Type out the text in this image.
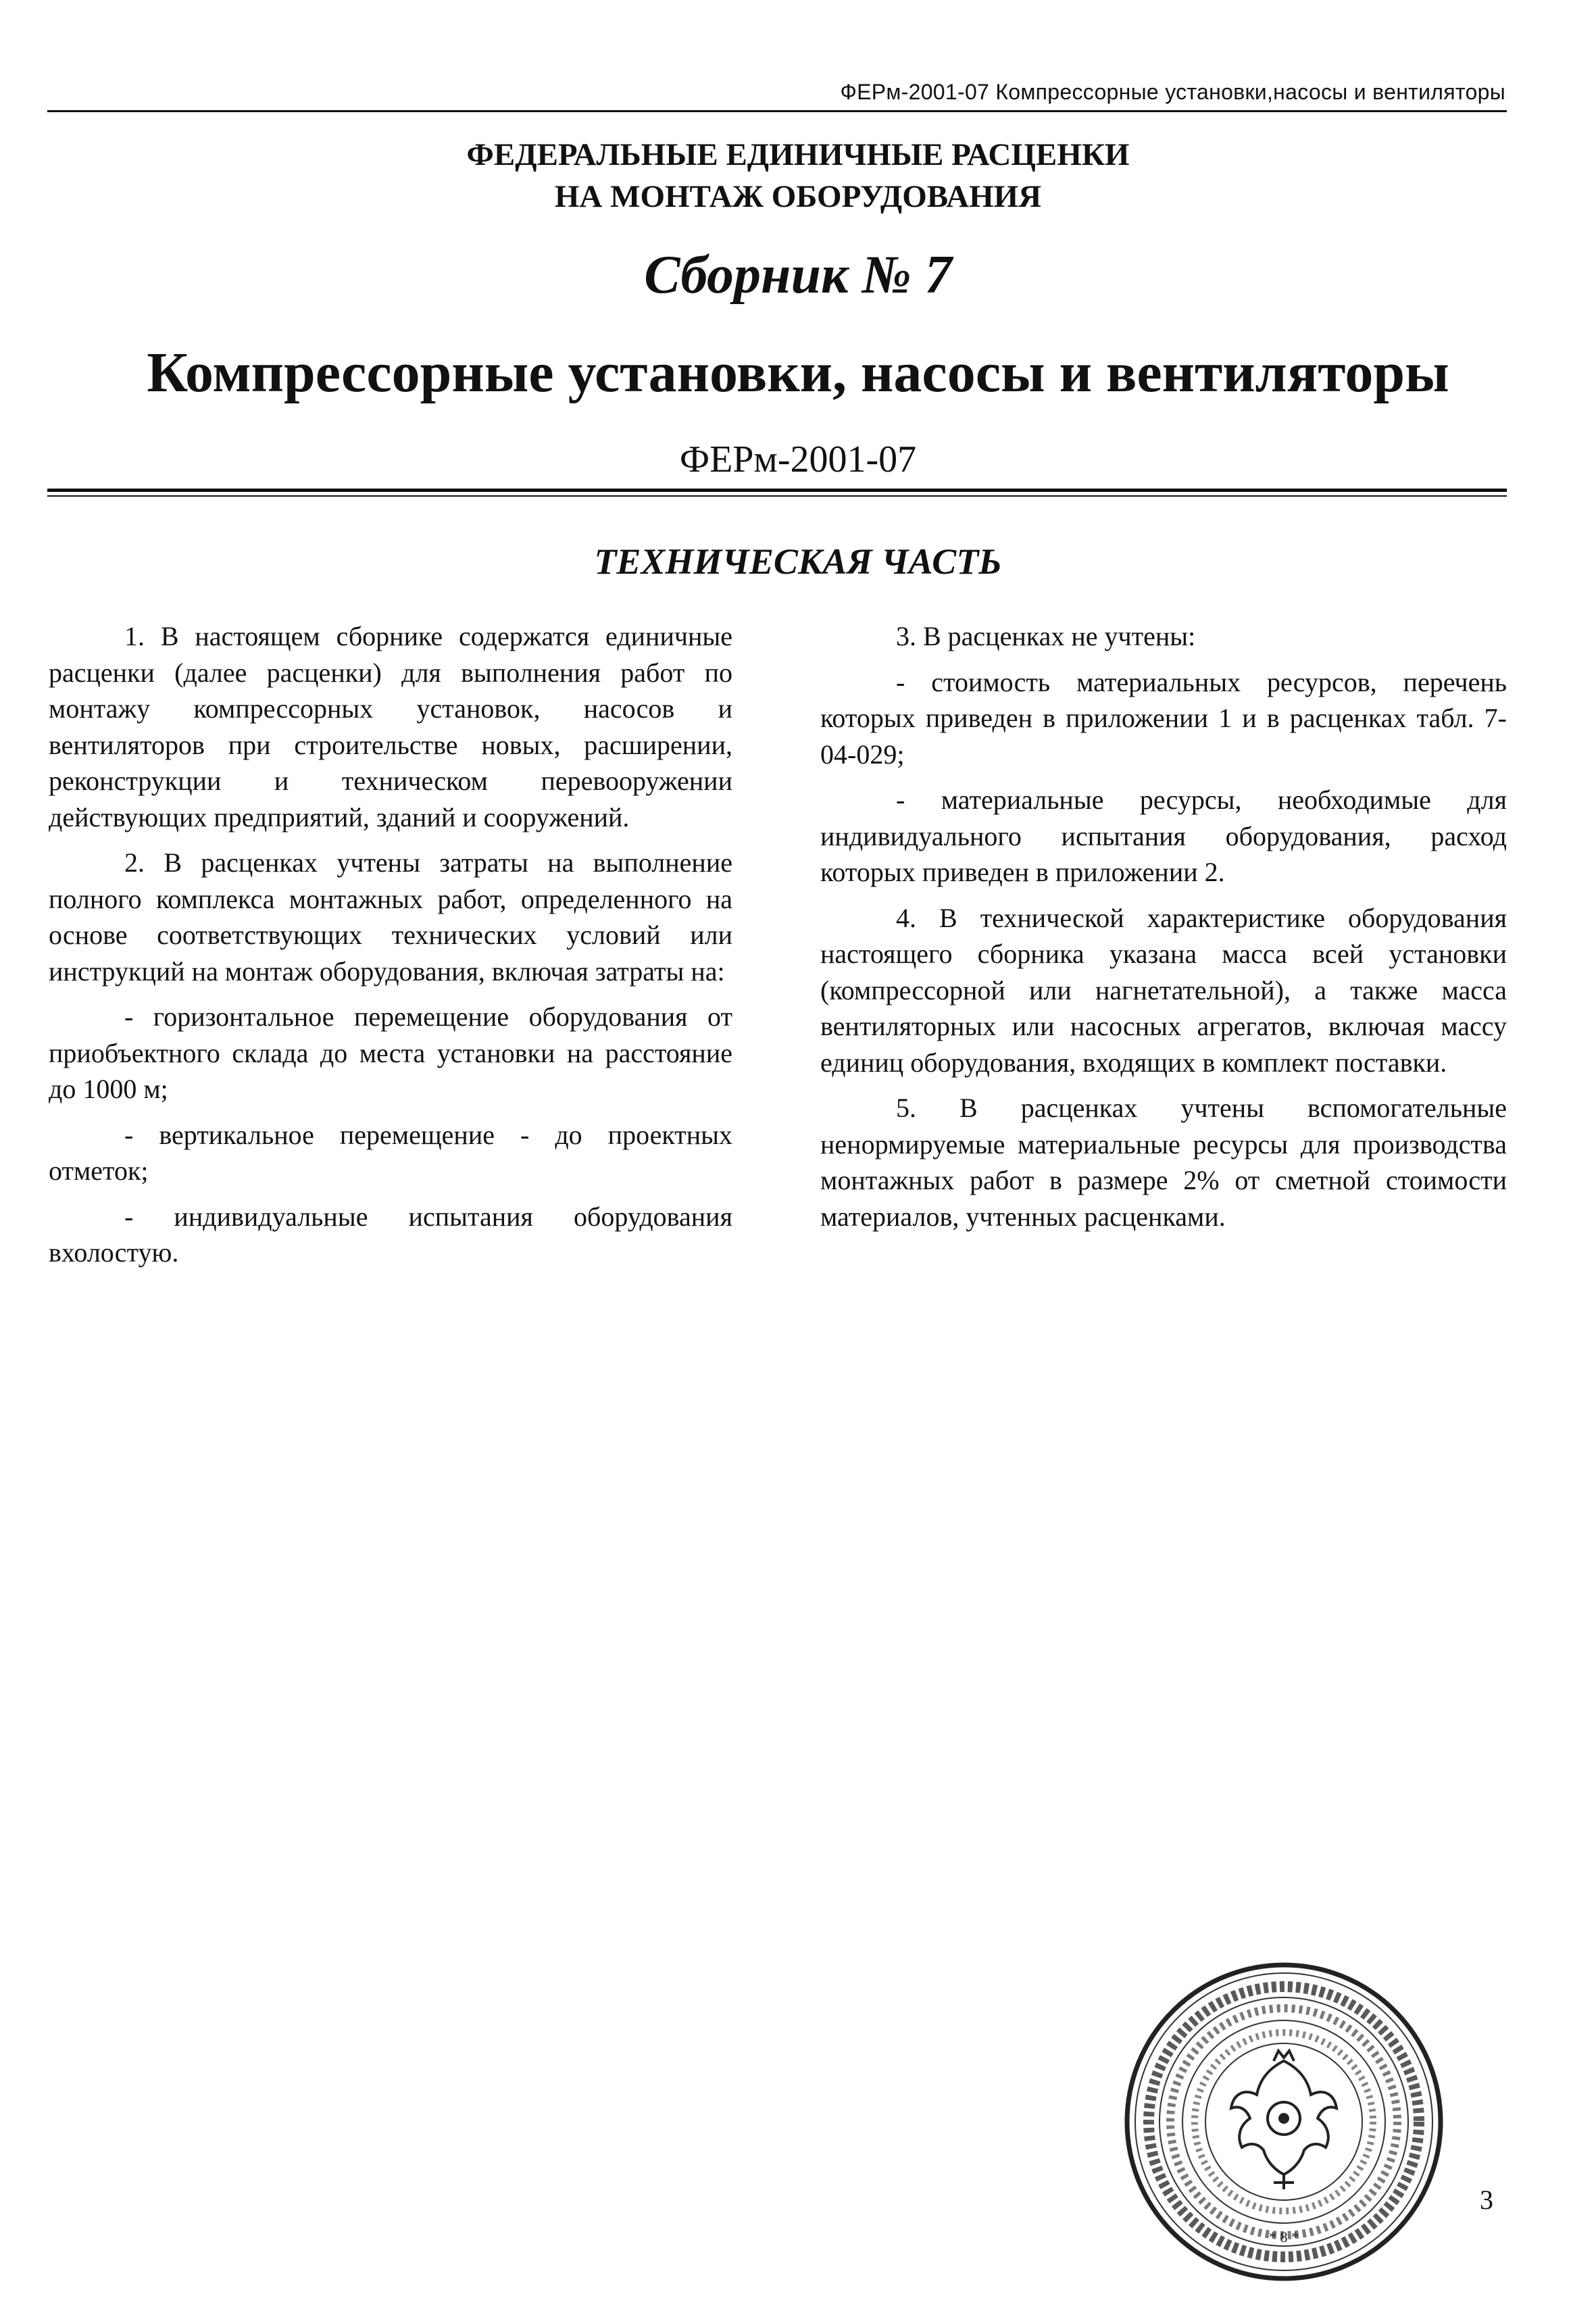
ФЕРм-2001-07 Компрессорные установки,насосы и вентиляторы
ФЕДЕРАЛЬНЫЕ ЕДИНИЧНЫЕ РАСЦЕНКИ
НА МОНТАЖ ОБОРУДОВАНИЯ
Сборник № 7
Компрессорные установки, насосы и вентиляторы
ФЕРм-2001-07
ТЕХНИЧЕСКАЯ ЧАСТЬ

1. В настоящем сборнике содержатся единичные расценки (далее расценки) для выполнения работ по монтажу компрессорных установок, насосов и вентиляторов при строительстве новых, расширении, реконструкции и техническом перевооружении действующих предприятий, зданий и сооружений.

2. В расценках учтены затраты на выполнение полного комплекса монтажных работ, определенного на основе соответствующих технических условий или инструкций на монтаж оборудования, включая затраты на:

- горизонтальное перемещение оборудования от приобъектного склада до места установки на расстояние до 1000 м;

- вертикальное перемещение - до проектных отметок;

- индивидуальные испытания оборудования вхолостую.

3. В расценках не учтены:

- стоимость материальных ресурсов, перечень которых приведен в приложении 1 и в расценках табл. 7-04-029;

- материальные ресурсы, необходимые для индивидуального испытания оборудования, расход которых приведен в приложении 2.

4. В технической характеристике оборудования настоящего сборника указана масса всей установки (компрессорной или нагнетательной), а также масса вентиляторных или насосных агрегатов, включая массу единиц оборудования, входящих в комплект поставки.

5. В расценках учтены вспомогательные ненормируемые материальные ресурсы для производства монтажных работ в размере 2% от сметной стоимости материалов, учтенных расценками.

* 8 *
3
